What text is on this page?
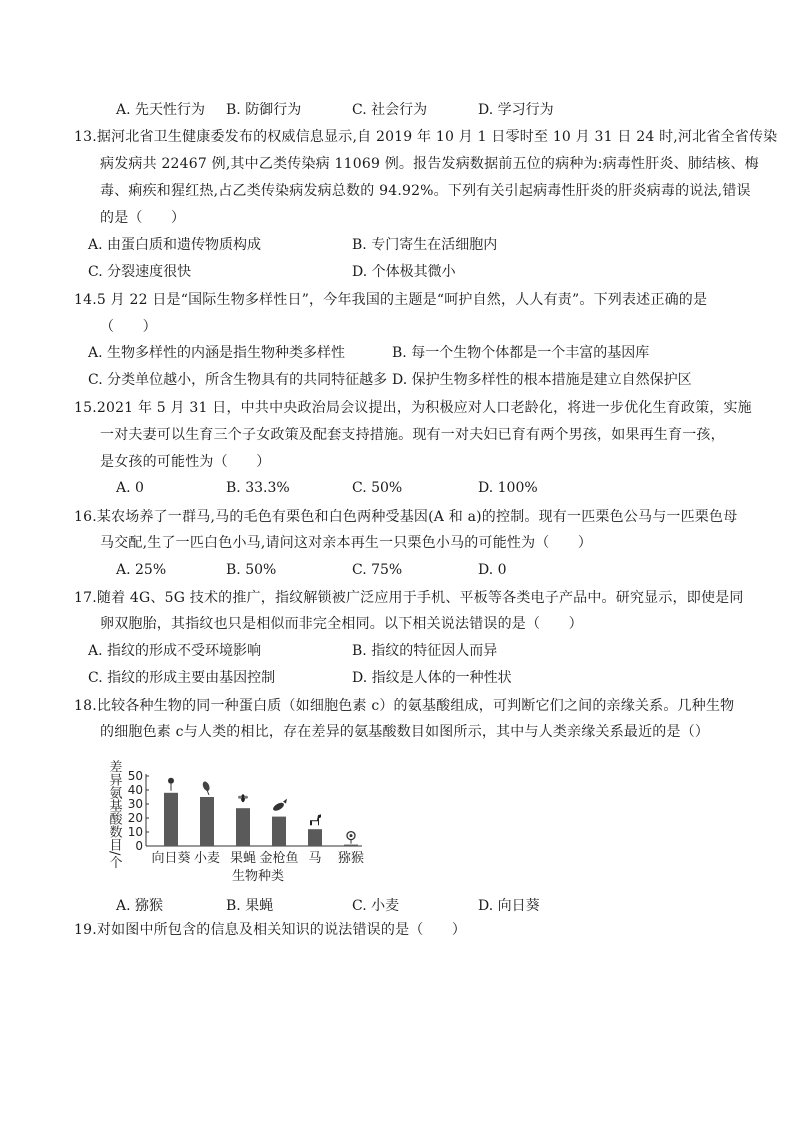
A. 先天性行为 B. 防御行为	C. 社会行为	D. 学习行为
13.据河北省卫生健康委发布的权威信息显示,自 2019 年 10 月 1 日零时至 10 月 31 日 24 时,河北省全省传染
病发病共 22467 例,其中乙类传染病 11069 例。报告发病数据前五位的病种为:病毒性肝炎、肺结核、梅
毒、痢疾和猩红热,占乙类传染病发病总数的 94.92%。下列有关引起病毒性肝炎的肝炎病毒的说法,错误
的是（　　）
A. 由蛋白质和遗传物质构成	B. 专门寄生在活细胞内
C. 分裂速度很快	D. 个体极其微小
14.5 月 22 日是“国际生物多样性日”，今年我国的主题是“呵护自然，人人有责”。下列表述正确的是
（　　）
A. 生物多样性的内涵是指生物种类多样性	B. 每一个生物个体都是一个丰富的基因库
C. 分类单位越小，所含生物具有的共同特征越多 D. 保护生物多样性的根本措施是建立自然保护区
15.2021 年 5 月 31 日，中共中央政治局会议提出，为积极应对人口老龄化，将进一步优化生育政策，实施
一对夫妻可以生育三个子女政策及配套支持措施。现有一对夫妇已育有两个男孩，如果再生育一孩，
是女孩的可能性为（　　）
A. 0	B. 33.3%	C. 50%	D. 100%
16.某农场养了一群马,马的毛色有栗色和白色两种受基因(A 和 a)的控制。现有一匹栗色公马与一匹栗色母
马交配,生了一匹白色小马,请问这对亲本再生一只栗色小马的可能性为（　　）
A. 25%	B. 50%	C. 75%	D. 0
17.随着 4G、5G 技术的推广，指纹解锁被广泛应用于手机、平板等各类电子产品中。研究显示，即使是同
卵双胞胎，其指纹也只是相似而非完全相同。以下相关说法错误的是（　　）
A. 指纹的形成不受环境影响	B. 指纹的特征因人而异
C. 指纹的形成主要由基因控制	D. 指纹是人体的一种性状
18.比较各种生物的同一种蛋白质（如细胞色素 c）的氨基酸组成，可判断它们之间的亲缘关系。几种生物
的细胞色素 c与人类的相比，存在差异的氨基酸数目如图所示，其中与人类亲缘关系最近的是（）
0
10
20
30
40
50
差异氨基酸数目/个 向日葵 小麦 果蝇 金枪鱼 马 猕猴
生物种类
A. 猕猴	B. 果蝇	C. 小麦	D. 向日葵
19.对如图中所包含的信息及相关知识的说法错误的是（　　）
